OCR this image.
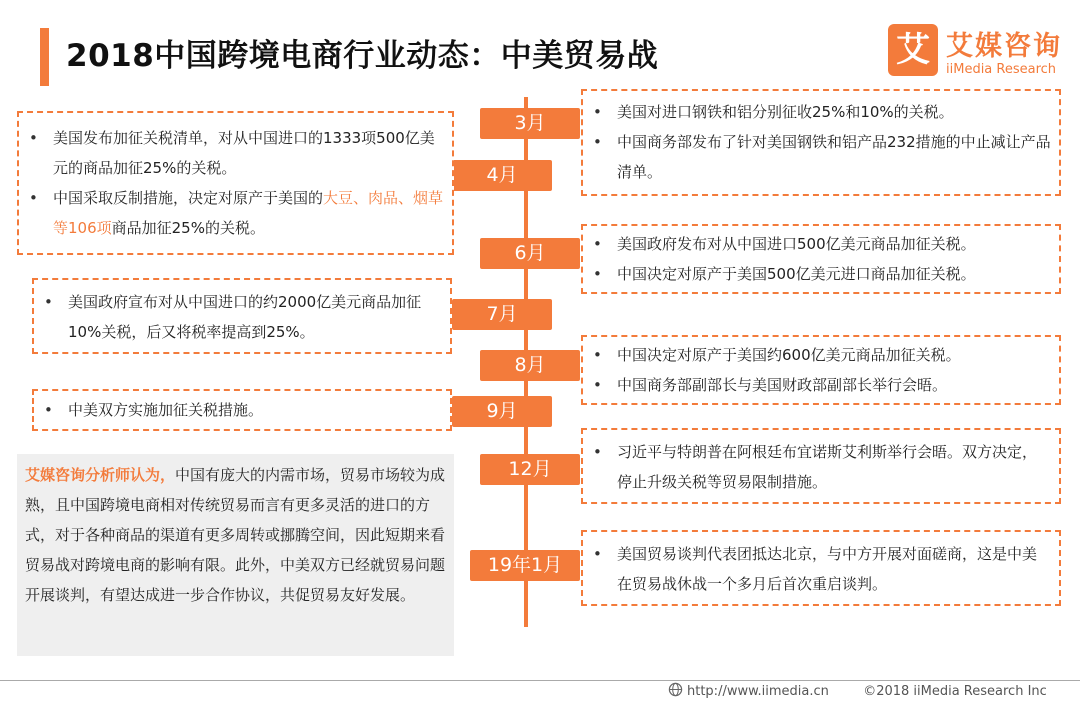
2018中国跨境电商行业动态：中美贸易战	艾 艾媒咨询
iiMedia Research
3月
4月
6月
7月
8月
9月
12月
19年1月
• 美国对进口钢铁和铝分别征收25%和10%的关税。
• 中国商务部发布了针对美国钢铁和铝产品232措施的中止减让产品清单。
• 美国政府发布对从中国进口500亿美元商品加征关税。
• 中国决定对原产于美国500亿美元进口商品加征关税。
• 中国决定对原产于美国约600亿美元商品加征关税。
• 中国商务部副部长与美国财政部副部长举行会晤。
• 习近平与特朗普在阿根廷布宜诺斯艾利斯举行会晤。双方决定，停止升级关税等贸易限制措施。
• 美国贸易谈判代表团抵达北京，与中方开展对面磋商，这是中美在贸易战休战一个多月后首次重启谈判。
• 美国发布加征关税清单，对从中国进口的1333项500亿美元的商品加征25%的关税。
• 中国采取反制措施，决定对原产于美国的大豆、肉品、烟草等106项商品加征25%的关税。
• 美国政府宣布对从中国进口的约2000亿美元商品加征10%关税，后又将税率提高到25%。
• 中美双方实施加征关税措施。

艾媒咨询分析师认为，中国有庞大的内需市场，贸易市场较为成熟，且中国跨境电商相对传统贸易而言有更多灵活的进口的方式，对于各种商品的渠道有更多周转或挪腾空间，因此短期来看贸易战对跨境电商的影响有限。此外，中美双方已经就贸易问题开展谈判，有望达成进一步合作协议，共促贸易友好发展。

http://www.iimedia.cn	©2018 iiMedia Research Inc
